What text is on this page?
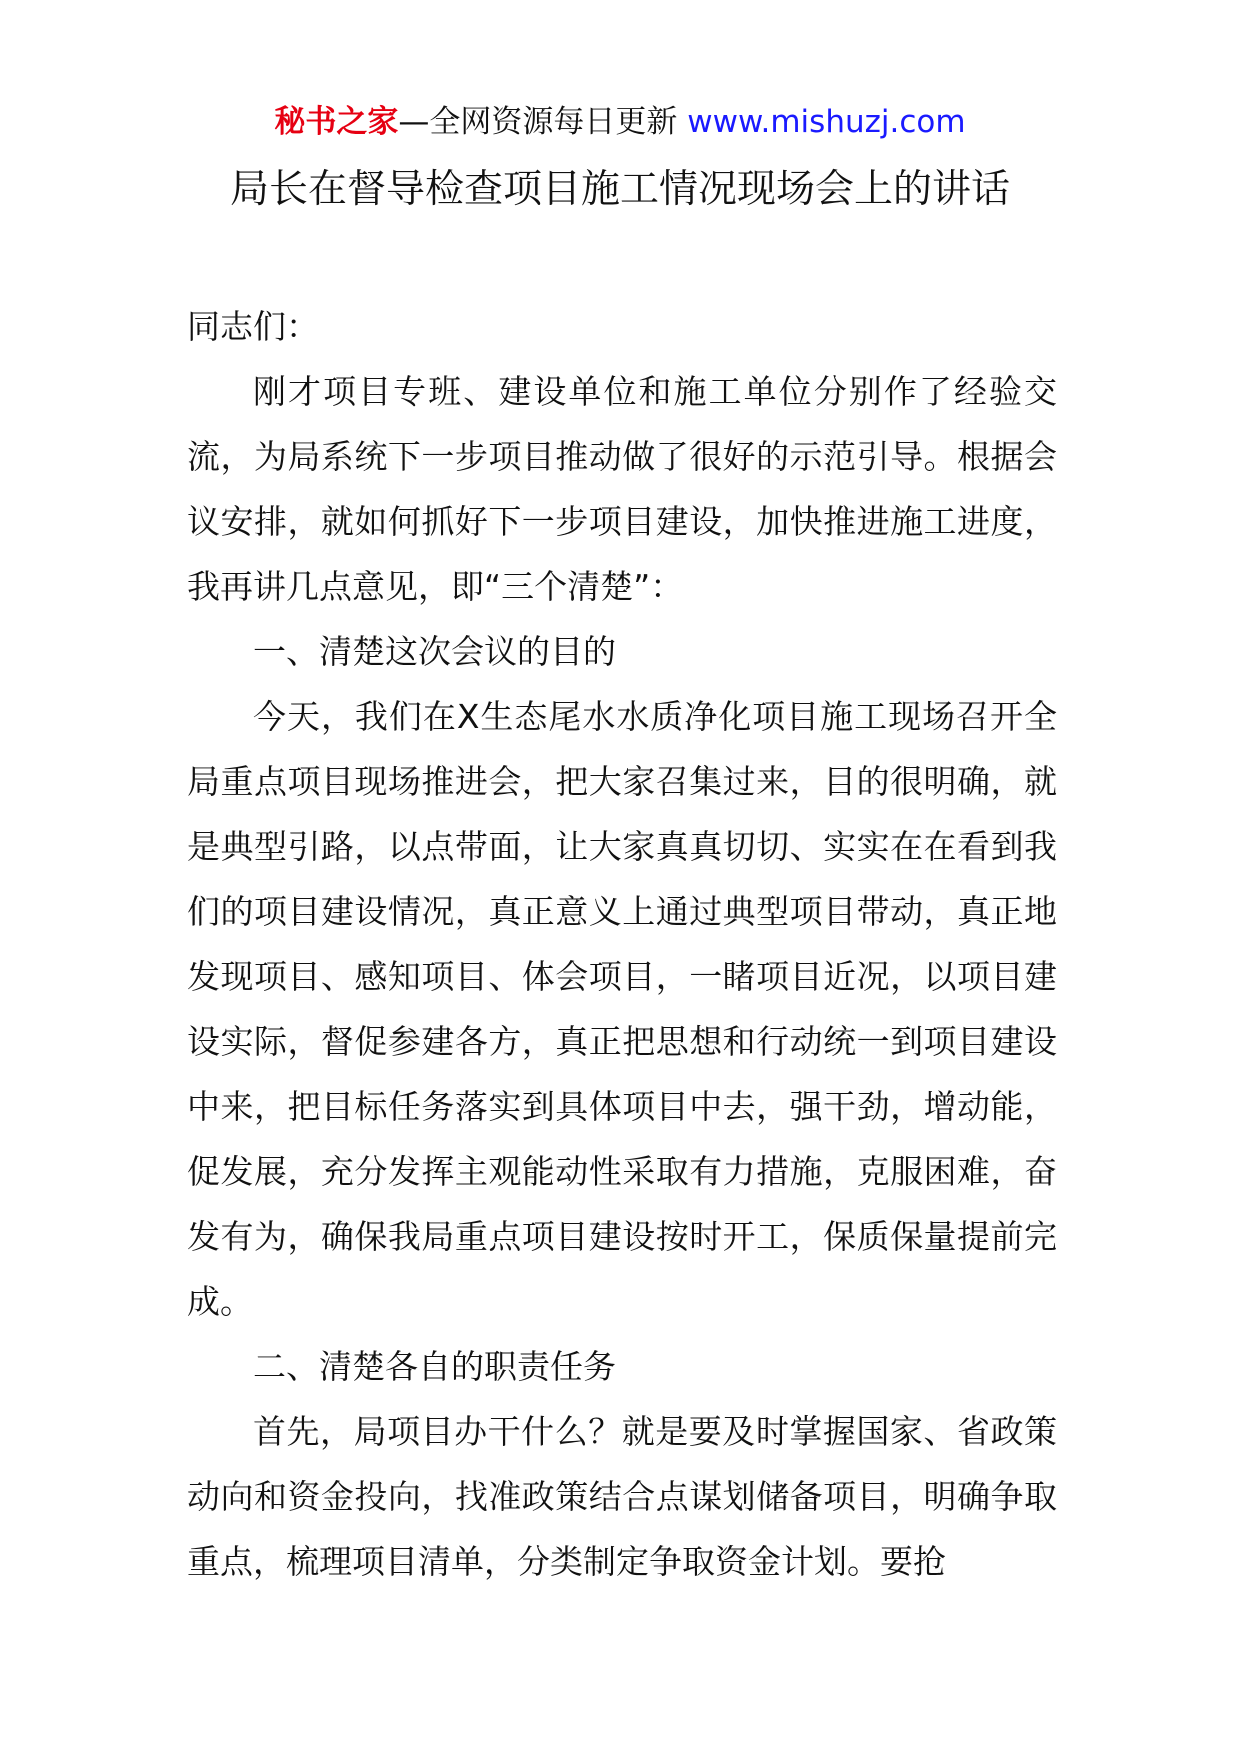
秘书之家—全网资源每日更新 www.mishuzj.com
局长在督导检查项目施工情况现场会上的讲话

同志们：

刚才项目专班、建设单位和施工单位分别作了经验交流，为局系统下一步项目推动做了很好的示范引导。根据会议安排，就如何抓好下一步项目建设，加快推进施工进度，我再讲几点意见，即“三个清楚”：

一、清楚这次会议的目的

今天，我们在X生态尾水水质净化项目施工现场召开全局重点项目现场推进会，把大家召集过来，目的很明确，就是典型引路，以点带面，让大家真真切切、实实在在看到我们的项目建设情况，真正意义上通过典型项目带动，真正地发现项目、感知项目、体会项目，一睹项目近况，以项目建设实际，督促参建各方，真正把思想和行动统一到项目建设中来，把目标任务落实到具体项目中去，强干劲，增动能，促发展，充分发挥主观能动性采取有力措施，克服困难，奋发有为，确保我局重点项目建设按时开工，保质保量提前完成。

二、清楚各自的职责任务

首先，局项目办干什么？就是要及时掌握国家、省政策动向和资金投向，找准政策结合点谋划储备项目，明确争取重点，梳理项目清单，分类制定争取资金计划。要抢
